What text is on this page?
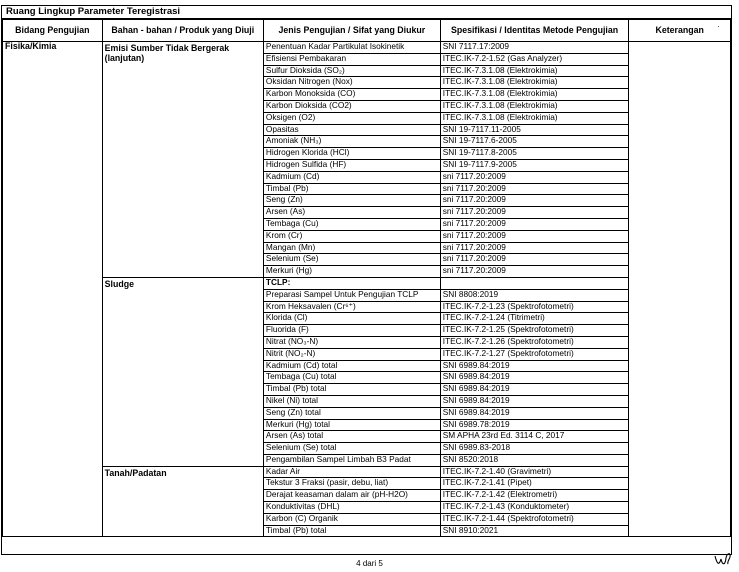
Ruang Lingkup Parameter Teregistrasi
Bidang Pengujian	Bahan - bahan / Produk yang Diuji	Jenis Pengujian / Sifat yang Diukur	Spesifikasi / Identitas Metode Pengujian	Keterangan
Fisika/Kimia	Emisi Sumber Tidak Bergerak (lanjutan)	Penentuan Kadar Partikulat Isokinetik	SNI 7117.17:2009	
		Efisiensi Pembakaran	ITEC.IK-7.2-1.52 (Gas Analyzer)	
		Sulfur Dioksida (SO₂)	ITEC.IK-7.3.1.08 (Elektrokimia)	
		Oksidan Nitrogen (Nox)	ITEC.IK-7.3.1.08 (Elektrokimia)	
		Karbon Monoksida (CO)	ITEC.IK-7.3.1.08 (Elektrokimia)	
		Karbon Dioksida (CO2)	ITEC.IK-7.3.1.08 (Elektrokimia)	
		Oksigen (O2)	ITEC.IK-7.3.1.08 (Elektrokimia)	
		Opasitas	SNI 19-7117.11-2005	
		Amoniak (NH₃)	SNI 19-7117.6-2005	
		Hidrogen Klorida (HCl)	SNI 19-7117.8-2005	
		Hidrogen Sulfida (HF)	SNI 19-7117.9-2005	
		Kadmium (Cd)	sni 7117.20:2009	
		Timbal (Pb)	sni 7117.20:2009	
		Seng (Zn)	sni 7117.20:2009	
		Arsen (As)	sni 7117.20:2009	
		Tembaga (Cu)	sni 7117.20:2009	
		Krom (Cr)	sni 7117.20:2009	
		Mangan (Mn)	sni 7117.20:2009	
		Selenium (Se)	sni 7117.20:2009	
		Merkuri (Hg)	sni 7117.20:2009	
	Sludge	TCLP:		
		Preparasi Sampel Untuk Pengujian TCLP	SNI 8808:2019	
		Krom Heksavalen (Cr⁶⁺)	ITEC.IK-7.2-1.23 (Spektrofotometri)	
		Klorida (Cl)	ITEC.IK-7.2-1.24 (Titrimetri)	
		Fluorida (F)	ITEC.IK-7.2-1.25 (Spektrofotometri)	
		Nitrat (NO₃-N)	ITEC.IK-7.2-1.26 (Spektrofotometri)	
		Nitrit (NO₂-N)	ITEC.IK-7.2-1.27 (Spektrofotometri)	
		Kadmium (Cd) total	SNI 6989.84:2019	
		Tembaga (Cu) total	SNI 6989.84:2019	
		Timbal (Pb) total	SNI 6989.84:2019	
		Nikel (Ni) total	SNI 6989.84:2019	
		Seng (Zn) total	SNI 6989.84:2019	
		Merkuri (Hg) total	SNI 6989.78:2019	
		Arsen (As) total	SM APHA 23rd Ed. 3114 C, 2017	
		Selenium (Se) total	SNI 6989.83-2018	
		Pengambilan Sampel Limbah B3 Padat	SNI 8520:2018	
	Tanah/Padatan	Kadar Air	ITEC.IK-7.2-1.40 (Gravimetri)	
		Tekstur 3 Fraksi (pasir, debu, liat)	ITEC.IK-7.2-1.41 (Pipet)	
		Derajat keasaman dalam air (pH-H2O)	ITEC.IK-7.2-1.42 (Elektrometri)	
		Konduktivitas (DHL)	ITEC.IK-7.2-1.43 (Konduktometer)	
		Karbon (C) Organik	ITEC.IK-7.2-1.44 (Spektrofotometri)	
		Timbal (Pb) total	SNI 8910:2021	
·
4 dari 5
